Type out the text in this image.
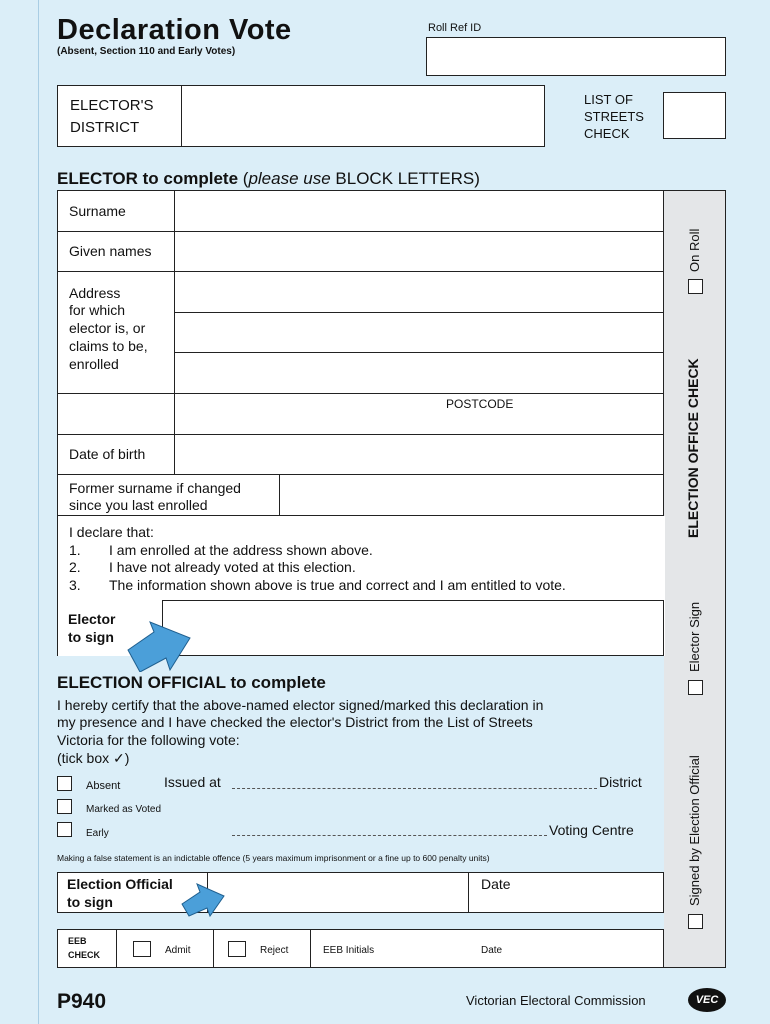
Declaration Vote
(Absent, Section 110 and Early Votes)
Roll Ref ID
ELECTOR'S
DISTRICT
LIST OF
STREETS
CHECK
ELECTOR to complete (please use BLOCK LETTERS)
Surname
Given names
Address
for which
elector is, or
claims to be,
enrolled
POSTCODE
Date of birth
Former surname if changed
since you last enrolled
I declare that:
1. I am enrolled at the address shown above.
2. I have not already voted at this election.
3. The information shown above is true and correct and I am entitled to vote.
Elector
to sign
ELECTION OFFICIAL to complete
I hereby certify that the above-named elector signed/marked this declaration in
my presence and I have checked the elector's District from the List of Streets
Victoria for the following vote:
(tick box ✓)
Absent	Issued at	District
Marked as Voted
Early	Voting Centre
Making a false statement is an indictable offence (5 years maximum imprisonment or a fine up to 600 penalty units)
Election Official
to sign
Date
EEB
CHECK	Admit	Reject	EEB Initials	Date
On Roll
ELECTION OFFICE CHECK
Elector Sign
Signed by Election Official
P940	Victorian Electoral Commission	VEC
